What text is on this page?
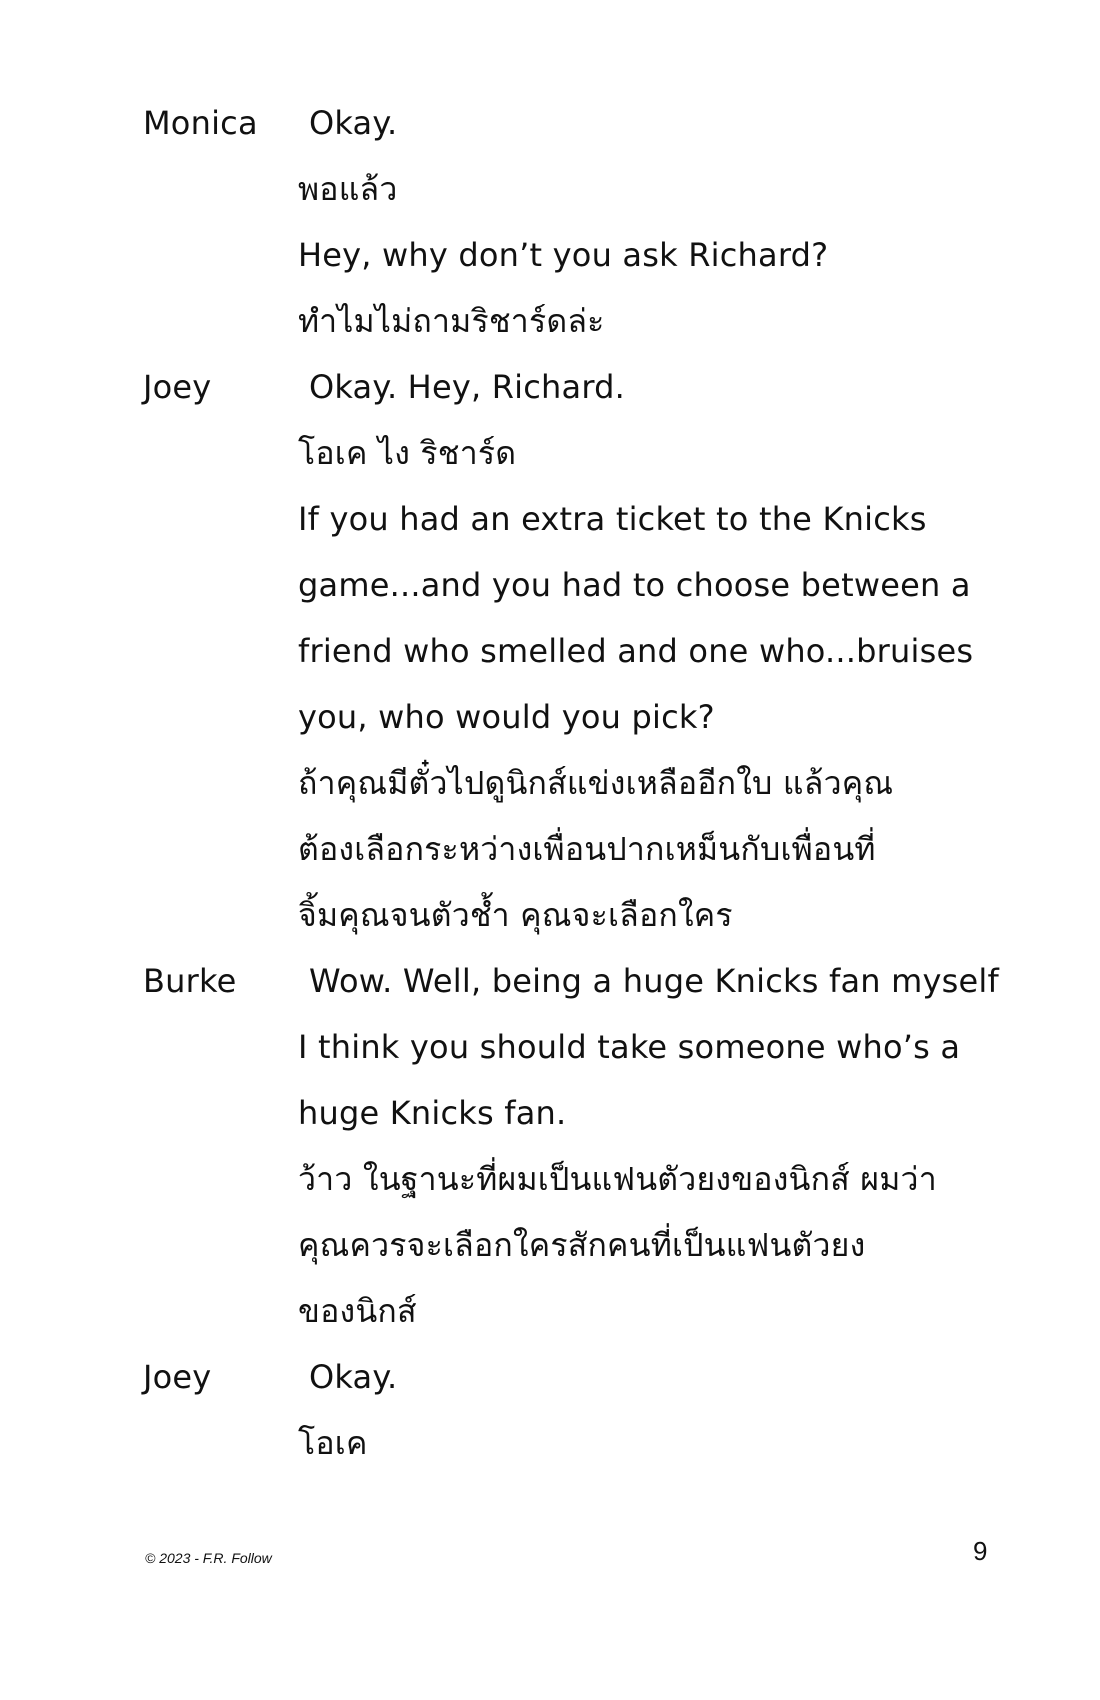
Monica Okay.
พอแล้ว
Hey, why don’t you ask Richard?
ทำไมไม่ถามริชาร์ดล่ะ
Joey	Okay. Hey, Richard.
โอเค ไง ริชาร์ด
If you had an extra ticket to the Knicks
game...and you had to choose between a
friend who smelled and one who...bruises
you, who would you pick?
ถ้าคุณมีตั๋วไปดูนิกส์แข่งเหลืออีกใบ แล้วคุณ
ต้องเลือกระหว่างเพื่อนปากเหม็นกับเพื่อนที่
จิ้มคุณจนตัวช้ำ คุณจะเลือกใคร
Burke Wow. Well, being a huge Knicks fan myself
I think you should take someone who’s a
huge Knicks fan.
ว้าว ในฐานะที่ผมเป็นแฟนตัวยงของนิกส์ ผมว่า
คุณควรจะเลือกใครสักคนที่เป็นแฟนตัวยง
ของนิกส์
Joey	Okay.
โอเค
© 2023 - F.R. Follow	9
